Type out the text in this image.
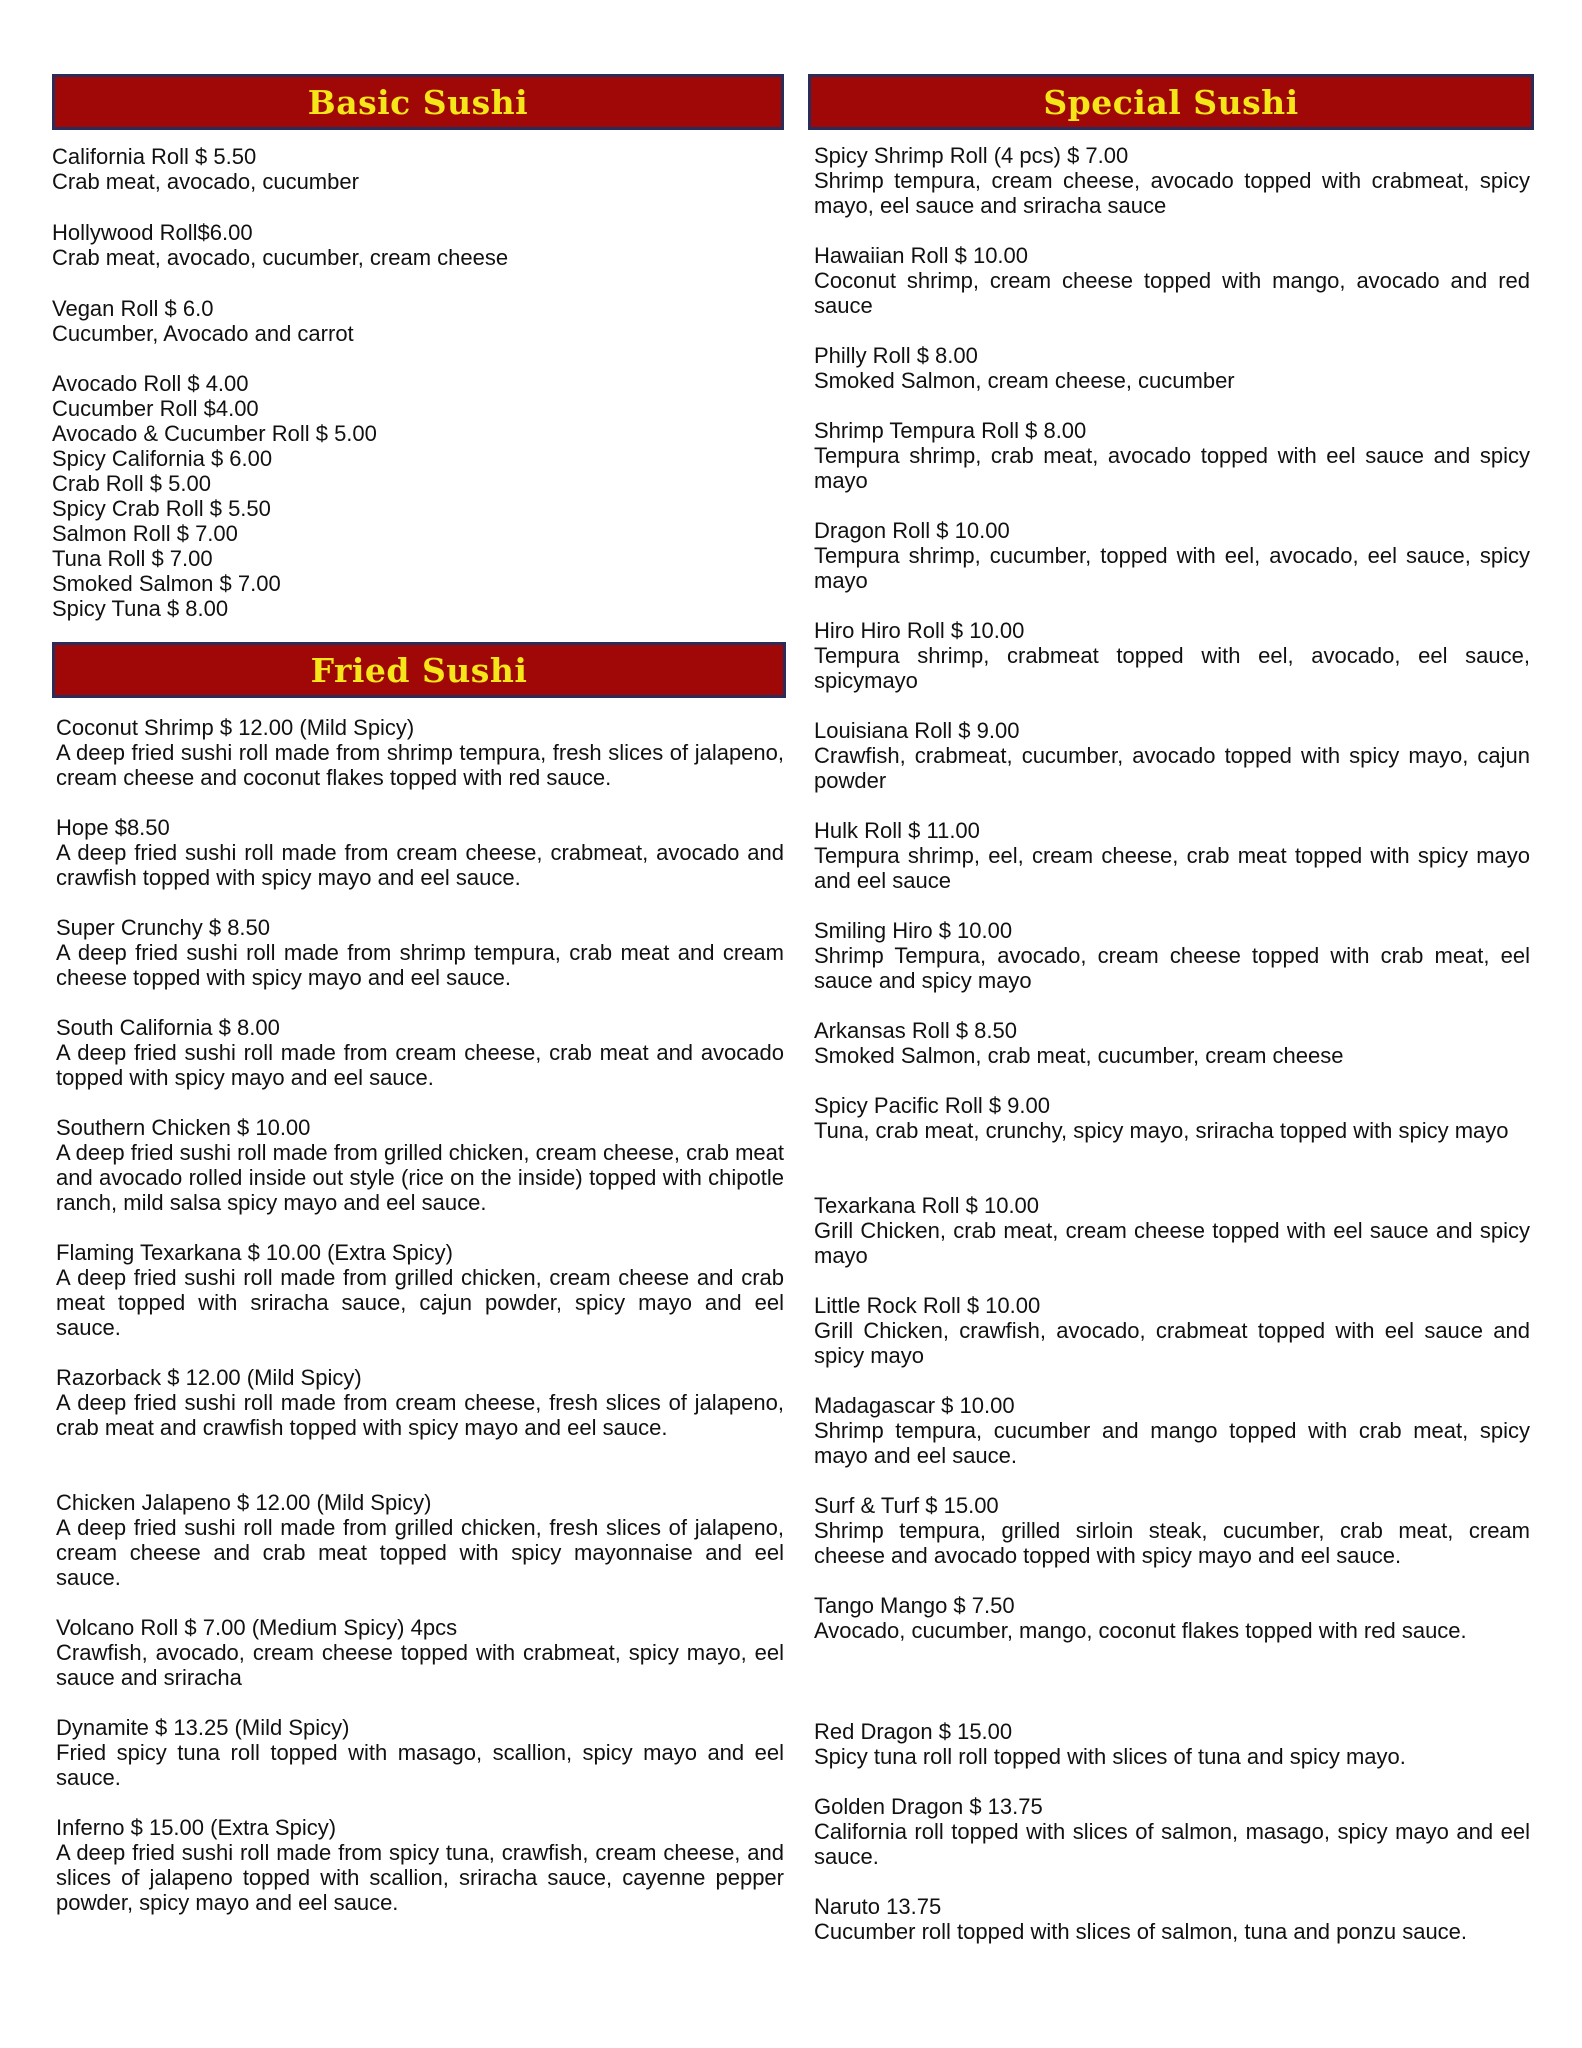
Basic Sushi
California Roll $ 5.50
Crab meat, avocado, cucumber
Hollywood Roll$6.00
Crab meat, avocado, cucumber, cream cheese
Vegan Roll $ 6.0
Cucumber, Avocado and carrot
Avocado Roll $ 4.00
Cucumber Roll $4.00
Avocado & Cucumber Roll $ 5.00
Spicy California $ 6.00
Crab Roll $ 5.00
Spicy Crab Roll $ 5.50
Salmon Roll $ 7.00
Tuna Roll $ 7.00
Smoked Salmon $ 7.00
Spicy Tuna $ 8.00
Fried Sushi
Coconut Shrimp $ 12.00 (Mild Spicy)
A deep fried sushi roll made from shrimp tempura, fresh slices of jalapeno, cream cheese and coconut flakes topped with red sauce.
Hope $8.50
A deep fried sushi roll made from cream cheese, crabmeat, avocado and crawfish topped with spicy mayo and eel sauce.
Super Crunchy $ 8.50
A deep fried sushi roll made from shrimp tempura, crab meat and cream cheese topped with spicy mayo and eel sauce.
South California $ 8.00
A deep fried sushi roll made from cream cheese, crab meat and avocado topped with spicy mayo and eel sauce.
Southern Chicken $ 10.00
A deep fried sushi roll made from grilled chicken, cream cheese, crab meat and avocado rolled inside out style (rice on the inside) topped with chipotle ranch, mild salsa spicy mayo and eel sauce.
Flaming Texarkana $ 10.00 (Extra Spicy)
A deep fried sushi roll made from grilled chicken, cream cheese and crab meat topped with sriracha sauce, cajun powder, spicy mayo and eel sauce.
Razorback $ 12.00 (Mild Spicy)
A deep fried sushi roll made from cream cheese, fresh slices of jalapeno, crab meat and crawfish topped with spicy mayo and eel sauce.
Chicken Jalapeno $ 12.00 (Mild Spicy)
A deep fried sushi roll made from grilled chicken, fresh slices of jalapeno, cream cheese and crab meat topped with spicy mayonnaise and eel sauce.
Volcano Roll $ 7.00 (Medium Spicy) 4pcs
Crawfish, avocado, cream cheese topped with crabmeat, spicy mayo, eel sauce and sriracha
Dynamite $ 13.25 (Mild Spicy)
Fried spicy tuna roll topped with masago, scallion, spicy mayo and eel sauce.
Inferno $ 15.00 (Extra Spicy)
A deep fried sushi roll made from spicy tuna, crawfish, cream cheese, and slices of jalapeno topped with scallion, sriracha sauce, cayenne pepper powder, spicy mayo and eel sauce.
Special Sushi
Spicy Shrimp Roll (4 pcs) $ 7.00
Shrimp tempura, cream cheese, avocado topped with crabmeat, spicy mayo, eel sauce and sriracha sauce
Hawaiian Roll $ 10.00
Coconut shrimp, cream cheese topped with mango, avocado and red sauce
Philly Roll $ 8.00
Smoked Salmon, cream cheese, cucumber
Shrimp Tempura Roll $ 8.00
Tempura shrimp, crab meat, avocado topped with eel sauce and spicy mayo
Dragon Roll $ 10.00
Tempura shrimp, cucumber, topped with eel, avocado, eel sauce, spicy mayo
Hiro Hiro Roll $ 10.00
Tempura shrimp, crabmeat topped with eel, avocado, eel sauce, spicymayo
Louisiana Roll $ 9.00
Crawfish, crabmeat, cucumber, avocado topped with spicy mayo, cajun powder
Hulk Roll $ 11.00
Tempura shrimp, eel, cream cheese, crab meat topped with spicy mayo and eel sauce
Smiling Hiro $ 10.00
Shrimp Tempura, avocado, cream cheese topped with crab meat, eel sauce and spicy mayo
Arkansas Roll $ 8.50
Smoked Salmon, crab meat, cucumber, cream cheese
Spicy Pacific Roll $ 9.00
Tuna, crab meat, crunchy, spicy mayo, sriracha topped with spicy mayo
Texarkana Roll $ 10.00
Grill Chicken, crab meat, cream cheese topped with eel sauce and spicy mayo
Little Rock Roll $ 10.00
Grill Chicken, crawfish, avocado, crabmeat topped with eel sauce and spicy mayo
Madagascar $ 10.00
Shrimp tempura, cucumber and mango topped with crab meat, spicy mayo and eel sauce.
Surf & Turf $ 15.00
Shrimp tempura, grilled sirloin steak, cucumber, crab meat, cream cheese and avocado topped with spicy mayo and eel sauce.
Tango Mango $ 7.50
Avocado, cucumber, mango, coconut flakes topped with red sauce.
Red Dragon $ 15.00
Spicy tuna roll roll topped with slices of tuna and spicy mayo.
Golden Dragon $ 13.75
California roll topped with slices of salmon, masago, spicy mayo and eel sauce.
Naruto 13.75
Cucumber roll topped with slices of salmon, tuna and ponzu sauce.
